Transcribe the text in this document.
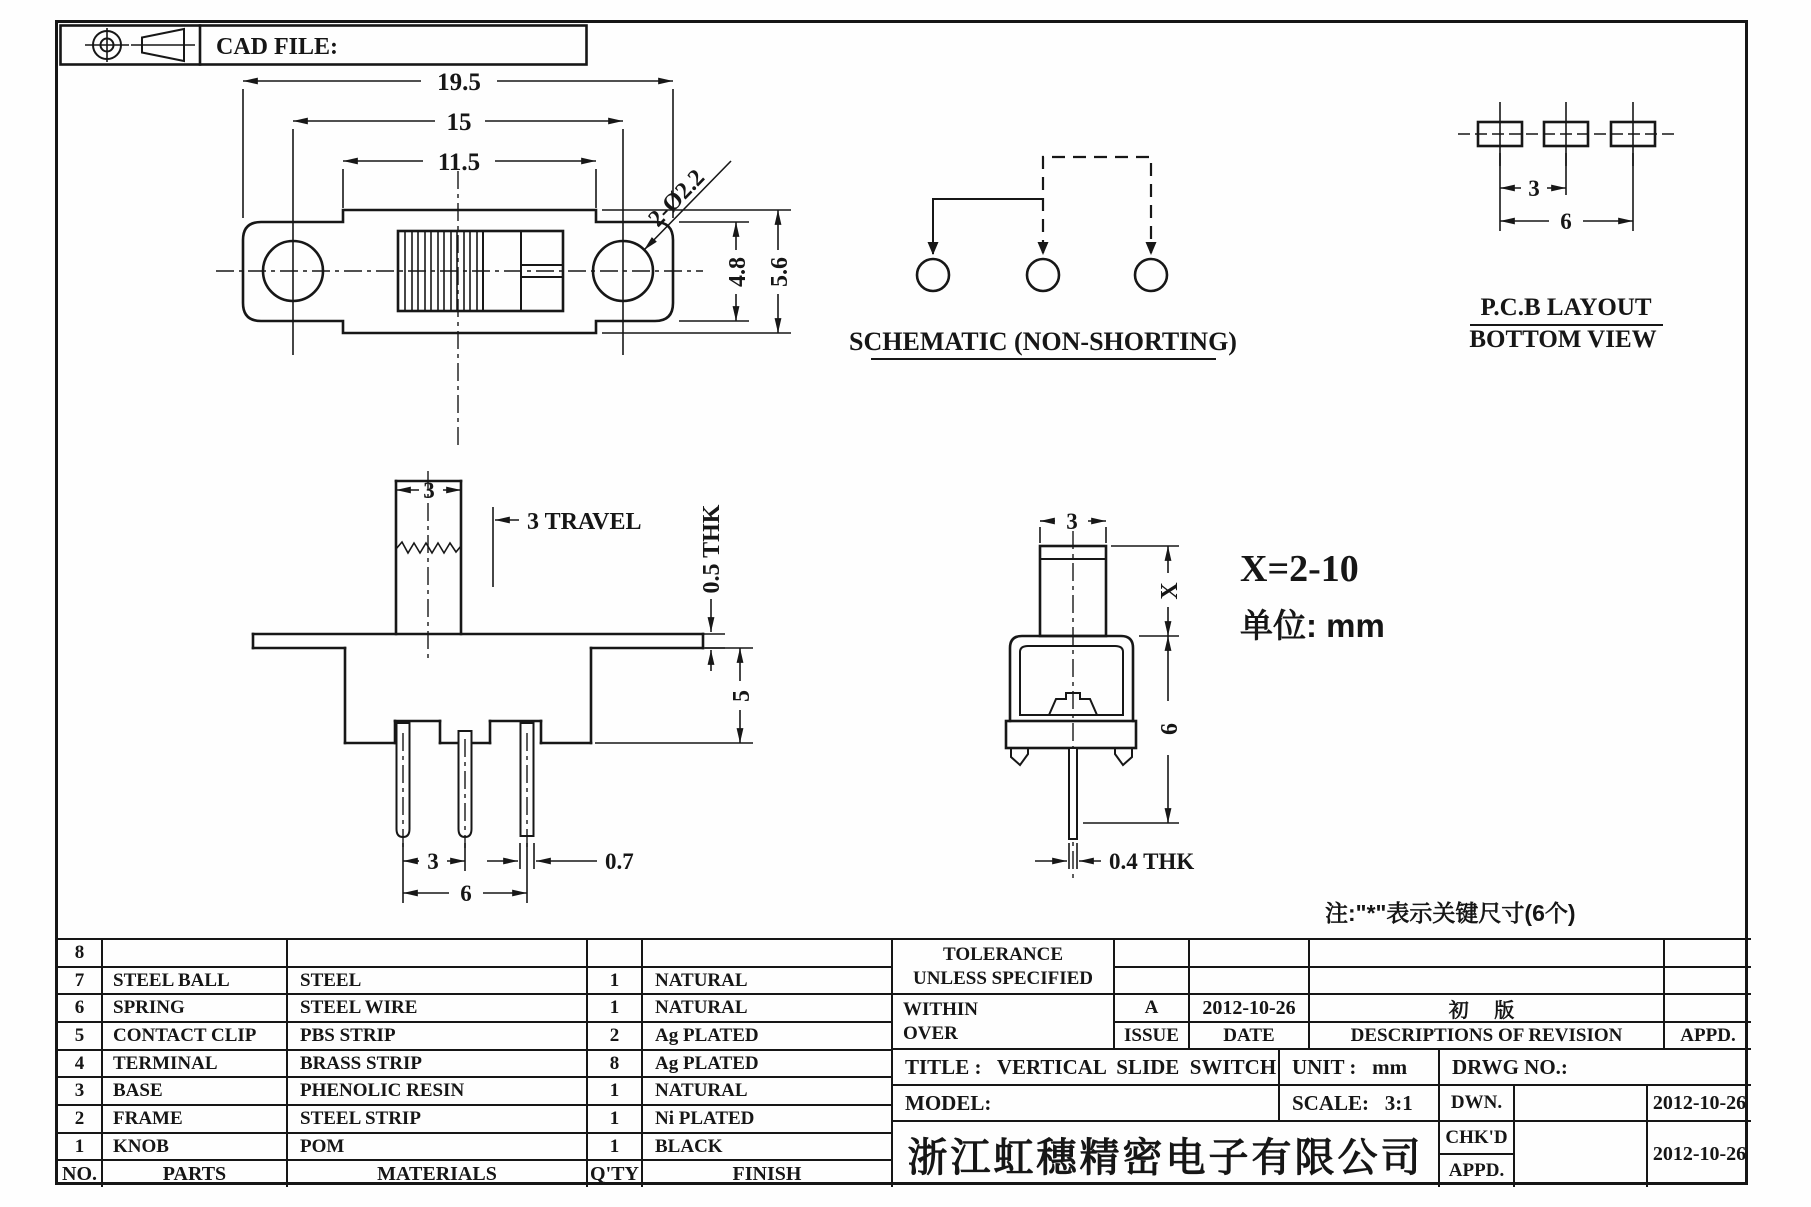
CAD FILE:
19.5
15
11.5
2-Ø2.2
4.8 5.6
SCHEMATIC (NON-SHORTING)
3
6
P.C.B LAYOUT
BOTTOM VIEW
3
3 TRAVEL 0.5 THK
5
3
6
0.7
3
X
6
0.4 THK
X=2-10
单位: mm
注:"*"表示关键尺寸(6个)
8
7	STEEL BALL	STEEL	1	NATURAL
6	SPRING	STEEL WIRE	1	NATURAL
5	CONTACT CLIP	PBS STRIP	2	Ag PLATED
4	TERMINAL	BRASS STRIP	8	Ag PLATED
3	BASE	PHENOLIC RESIN	1	NATURAL
2	FRAME	STEEL STRIP	1	Ni PLATED
1	KNOB	POM	1	BLACK
NO.	PARTS	MATERIALS	Q'TY	FINISH
TOLERANCE
UNLESS SPECIFIED
WITHIN
OVER
A	2012-10-26	初 版
ISSUE	DATE	DESCRIPTIONS OF REVISION	APPD.
TITLE :   VERTICAL  SLIDE  SWITCH UNIT :   mm	DRWG NO.:
MODEL:	SCALE:   3:1	DWN.	2012-10-26
浙江虹穗精密电子有限公司	CHK'D
APPD.
2012-10-26
